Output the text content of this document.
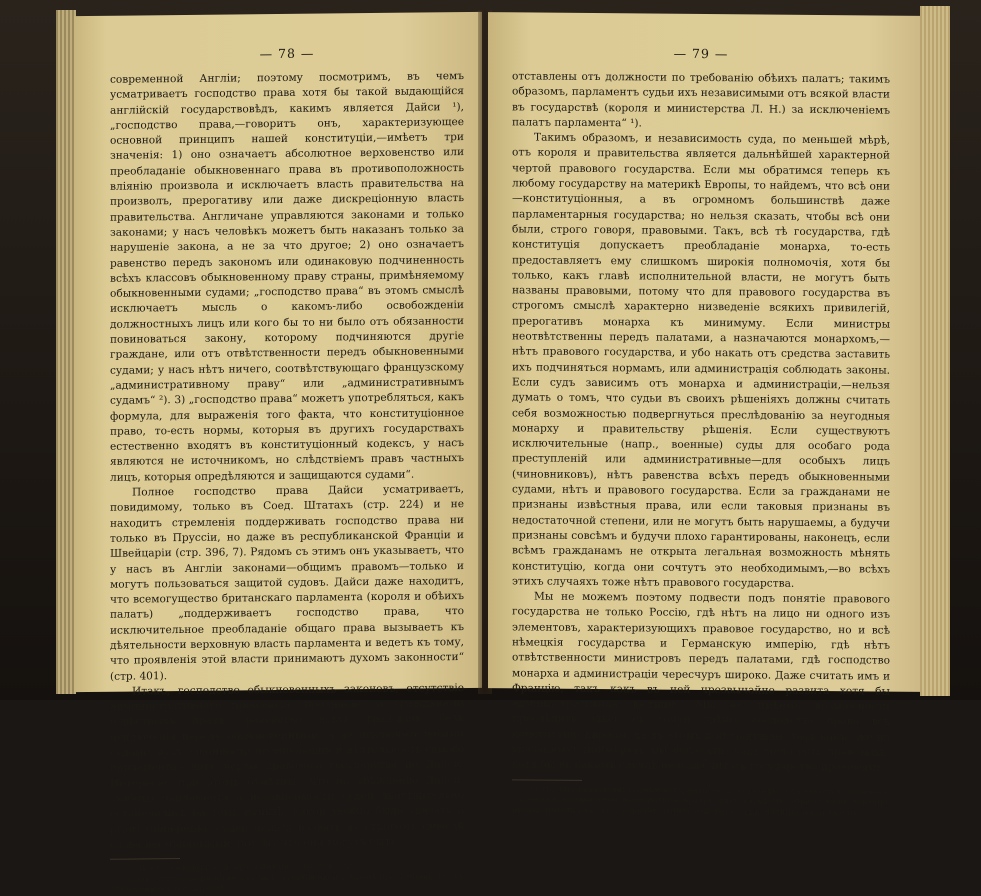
— 78 —

современной Англіи; поэтому посмотримъ, въ чемъ усматриваетъ господство права хотя бы такой выдающійся англійскій государствовѣдъ, какимъ является Дайси ¹), „господство права,—говоритъ онъ, характеризующее основной принципъ нашей конституціи,—имѣетъ три значенія: 1) оно означаетъ абсолютное верховенство или преобладаніе обыкновеннаго права въ противоположность вліянію произвола и исключаетъ власть правительства на произволъ, прерогативу или даже дискреціонную власть правительства. Англичане управляются законами и только законами; у насъ человѣкъ можетъ быть наказанъ только за нарушеніе закона, а не за что другое; 2) оно означаетъ равенство передъ закономъ или одинаковую подчиненность всѣхъ классовъ обыкновенному праву страны, примѣняемому обыкновенными судами; „господство права“ въ этомъ смыслѣ исключаетъ мысль о какомъ-либо освобожденіи должностныхъ лицъ или кого бы то ни было отъ обязанности повиноваться закону, которому подчиняются другіе граждане, или отъ отвѣтственности передъ обыкновенными судами; у насъ нѣтъ ничего, соотвѣтствующаго французскому „административному праву“ или „административнымъ судамъ“ ²). 3) „господство права“ можетъ употребляться, какъ формула, для выраженія того факта, что конституціонное право, то-есть нормы, которыя въ другихъ государствахъ естественно входятъ въ конституціонный кодексъ, у насъ являются не источникомъ, но слѣдствіемъ правъ частныхъ лицъ, которыя опредѣляются и защищаются судами“.

Полное господство права Дайси усматриваетъ, повидимому, только въ Соед. Штатахъ (стр. 224) и не находитъ стремленія поддерживать господство права ни только въ Пруссіи, но даже въ республиканской Франціи и Швейцаріи (стр. 396, 7). Рядомъ съ этимъ онъ указываетъ, что у насъ въ Англіи законами—общимъ правомъ—только и могутъ пользоваться защитой судовъ. Дайси даже находитъ, что всемогущество британскаго парламента (короля и обѣихъ палатъ) „поддерживаетъ господство права, что исключительное преобладаніе общаго права вызываетъ къ дѣятельности верховную власть парламента и ведетъ къ тому, что проявленія этой власти принимаютъ духомъ законности“ (стр. 401).

Итакъ, господство обыкновенныхъ законовъ, отсутствіе административнаго произвола, признаніе за гражданами извѣстныхъ правъ, равенство всѣхъ гражданъ безъ исключенія передъ обыкновенными, а не исключительными судами, духъ законности проникающій и дѣятельность самого парламента,—вотъ черты правового государства по Дайси. Интересно при этомъ отмѣтить, что по убѣжденію Дайси, „заботы парламента о независимости судей дѣйствительно остановились на томъ пунктѣ, какой можно было указать a priori (напередъ): судей нельзя назвать въ строгомъ смыслѣ слова несмѣняемыми, потому что они могутъ быть

¹) См. его „Основы госуд. права Англіи“, стр. 204—220.

²) Объ этомъ смотри ниже въ главѣ, посвященной „Охранѣ правъ личности“ въ современномъ государствѣ.

— 79 —

отставлены отъ должности по требованію обѣихъ палатъ; такимъ образомъ, парламентъ судьи ихъ независимыми отъ всякой власти въ государствѣ (короля и министерства Л. Н.) за исключеніемъ палатъ парламента“ ¹).

Такимъ образомъ, и независимость суда, по меньшей мѣрѣ, отъ короля и правительства является дальнѣйшей характерной чертой правового государства. Если мы обратимся теперь къ любому государству на материкѣ Европы, то найдемъ, что всѣ они—конституціонныя, а въ огромномъ большинствѣ даже парламентарныя государства; но нельзя сказать, чтобы всѣ они были, строго говоря, правовыми. Такъ, всѣ тѣ государства, гдѣ конституція допускаетъ преобладаніе монарха, то-есть предоставляетъ ему слишкомъ широкія полномочія, хотя бы только, какъ главѣ исполнительной власти, не могутъ быть названы правовыми, потому что для правового государства въ строгомъ смыслѣ характерно низведеніе всякихъ привилегій, прерогативъ монарха къ минимуму. Если министры неотвѣтственны передъ палатами, а назначаются монархомъ,—нѣтъ правового государства, и убо накать отъ средства заставить ихъ подчиняться нормамъ, или администрація соблюдать законы. Если судъ зависимъ отъ монарха и администраціи,—нельзя думать о томъ, что судьи въ своихъ рѣшеніяхъ должны считать себя возможностью подвергнуться преслѣдованію за неугодныя монарху и правительству рѣшенія. Если существуютъ исключительные (напр., военные) суды для особаго рода преступленій или административные—для особыхъ лицъ (чиновниковъ), нѣтъ равенства всѣхъ передъ обыкновенными судами, нѣтъ и правового государства. Если за гражданами не признаны извѣстныя права, или если таковыя признаны въ недостаточной степени, или не могутъ быть нарушаемы, а будучи признаны совсѣмъ и будучи плохо гарантированы, наконецъ, если всѣмъ гражданамъ не открыта легальная возможность мѣнять конституцію, когда они сочтутъ это необходимымъ,—во всѣхъ этихъ случаяхъ тоже нѣтъ правового государства.

Мы не можемъ поэтому подвести подъ понятіе правового государства не только Россію, гдѣ нѣтъ на лицо ни одного изъ элементовъ, характеризующихъ правовое государство, но и всѣ нѣмецкія государства и Германскую имперію, гдѣ нѣтъ отвѣтственности министровъ передъ палатами, гдѣ господство монарха и администраціи чересчуръ широко. Даже считать имъ и Францію, такъ какъ въ ней чрезвычайно развита хотя бы административная юстиція. Мы не имѣемъ возможности прослѣдить здѣсь съ точки зрѣнія господства права всѣ конституціи Европы, да въ этомъ и нѣтъ нужды, такъ какъ уже на указанныхъ примѣрахъ мы показали, какъ мало есть правовыхъ, хотя бы въ какомъ случаѣ нельзя считать государство правовымъ

¹) Стр. 396. Какъ лучшей формой гарантіи независимости суда является требованіе современной соціальной демократіи избранія судей народомъ,—при условіи, конечно, независимости ихъ отъ законодательныхъ властей и отъ исполнительной власти.
